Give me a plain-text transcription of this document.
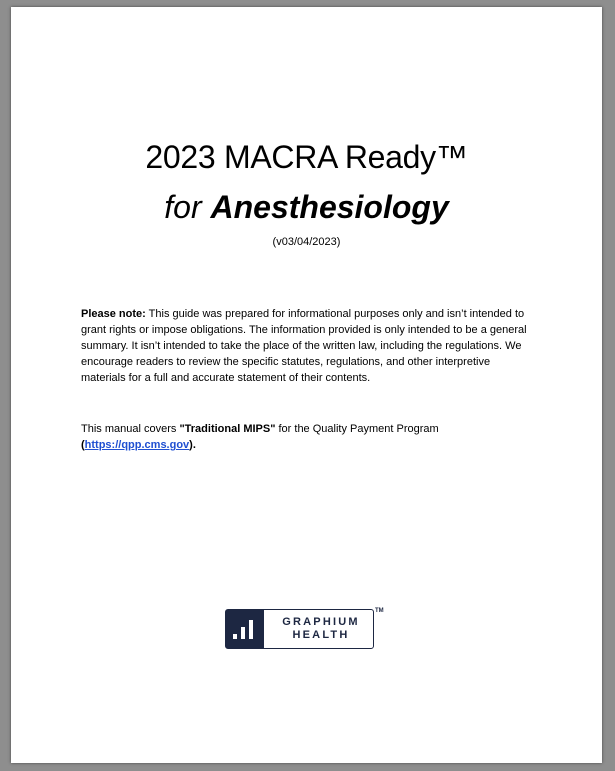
2023 MACRA Ready™
for Anesthesiology
(v03/04/2023)
Please note: This guide was prepared for informational purposes only and isn’t intended to grant rights or impose obligations. The information provided is only intended to be a general summary. It isn’t intended to take the place of the written law, including the regulations. We encourage readers to review the specific statutes, regulations, and other interpretive materials for a full and accurate statement of their contents.
This manual covers "Traditional MIPS" for the Quality Payment Program
(https://qpp.cms.gov).
GRAPHIUM
HEALTH
TM
